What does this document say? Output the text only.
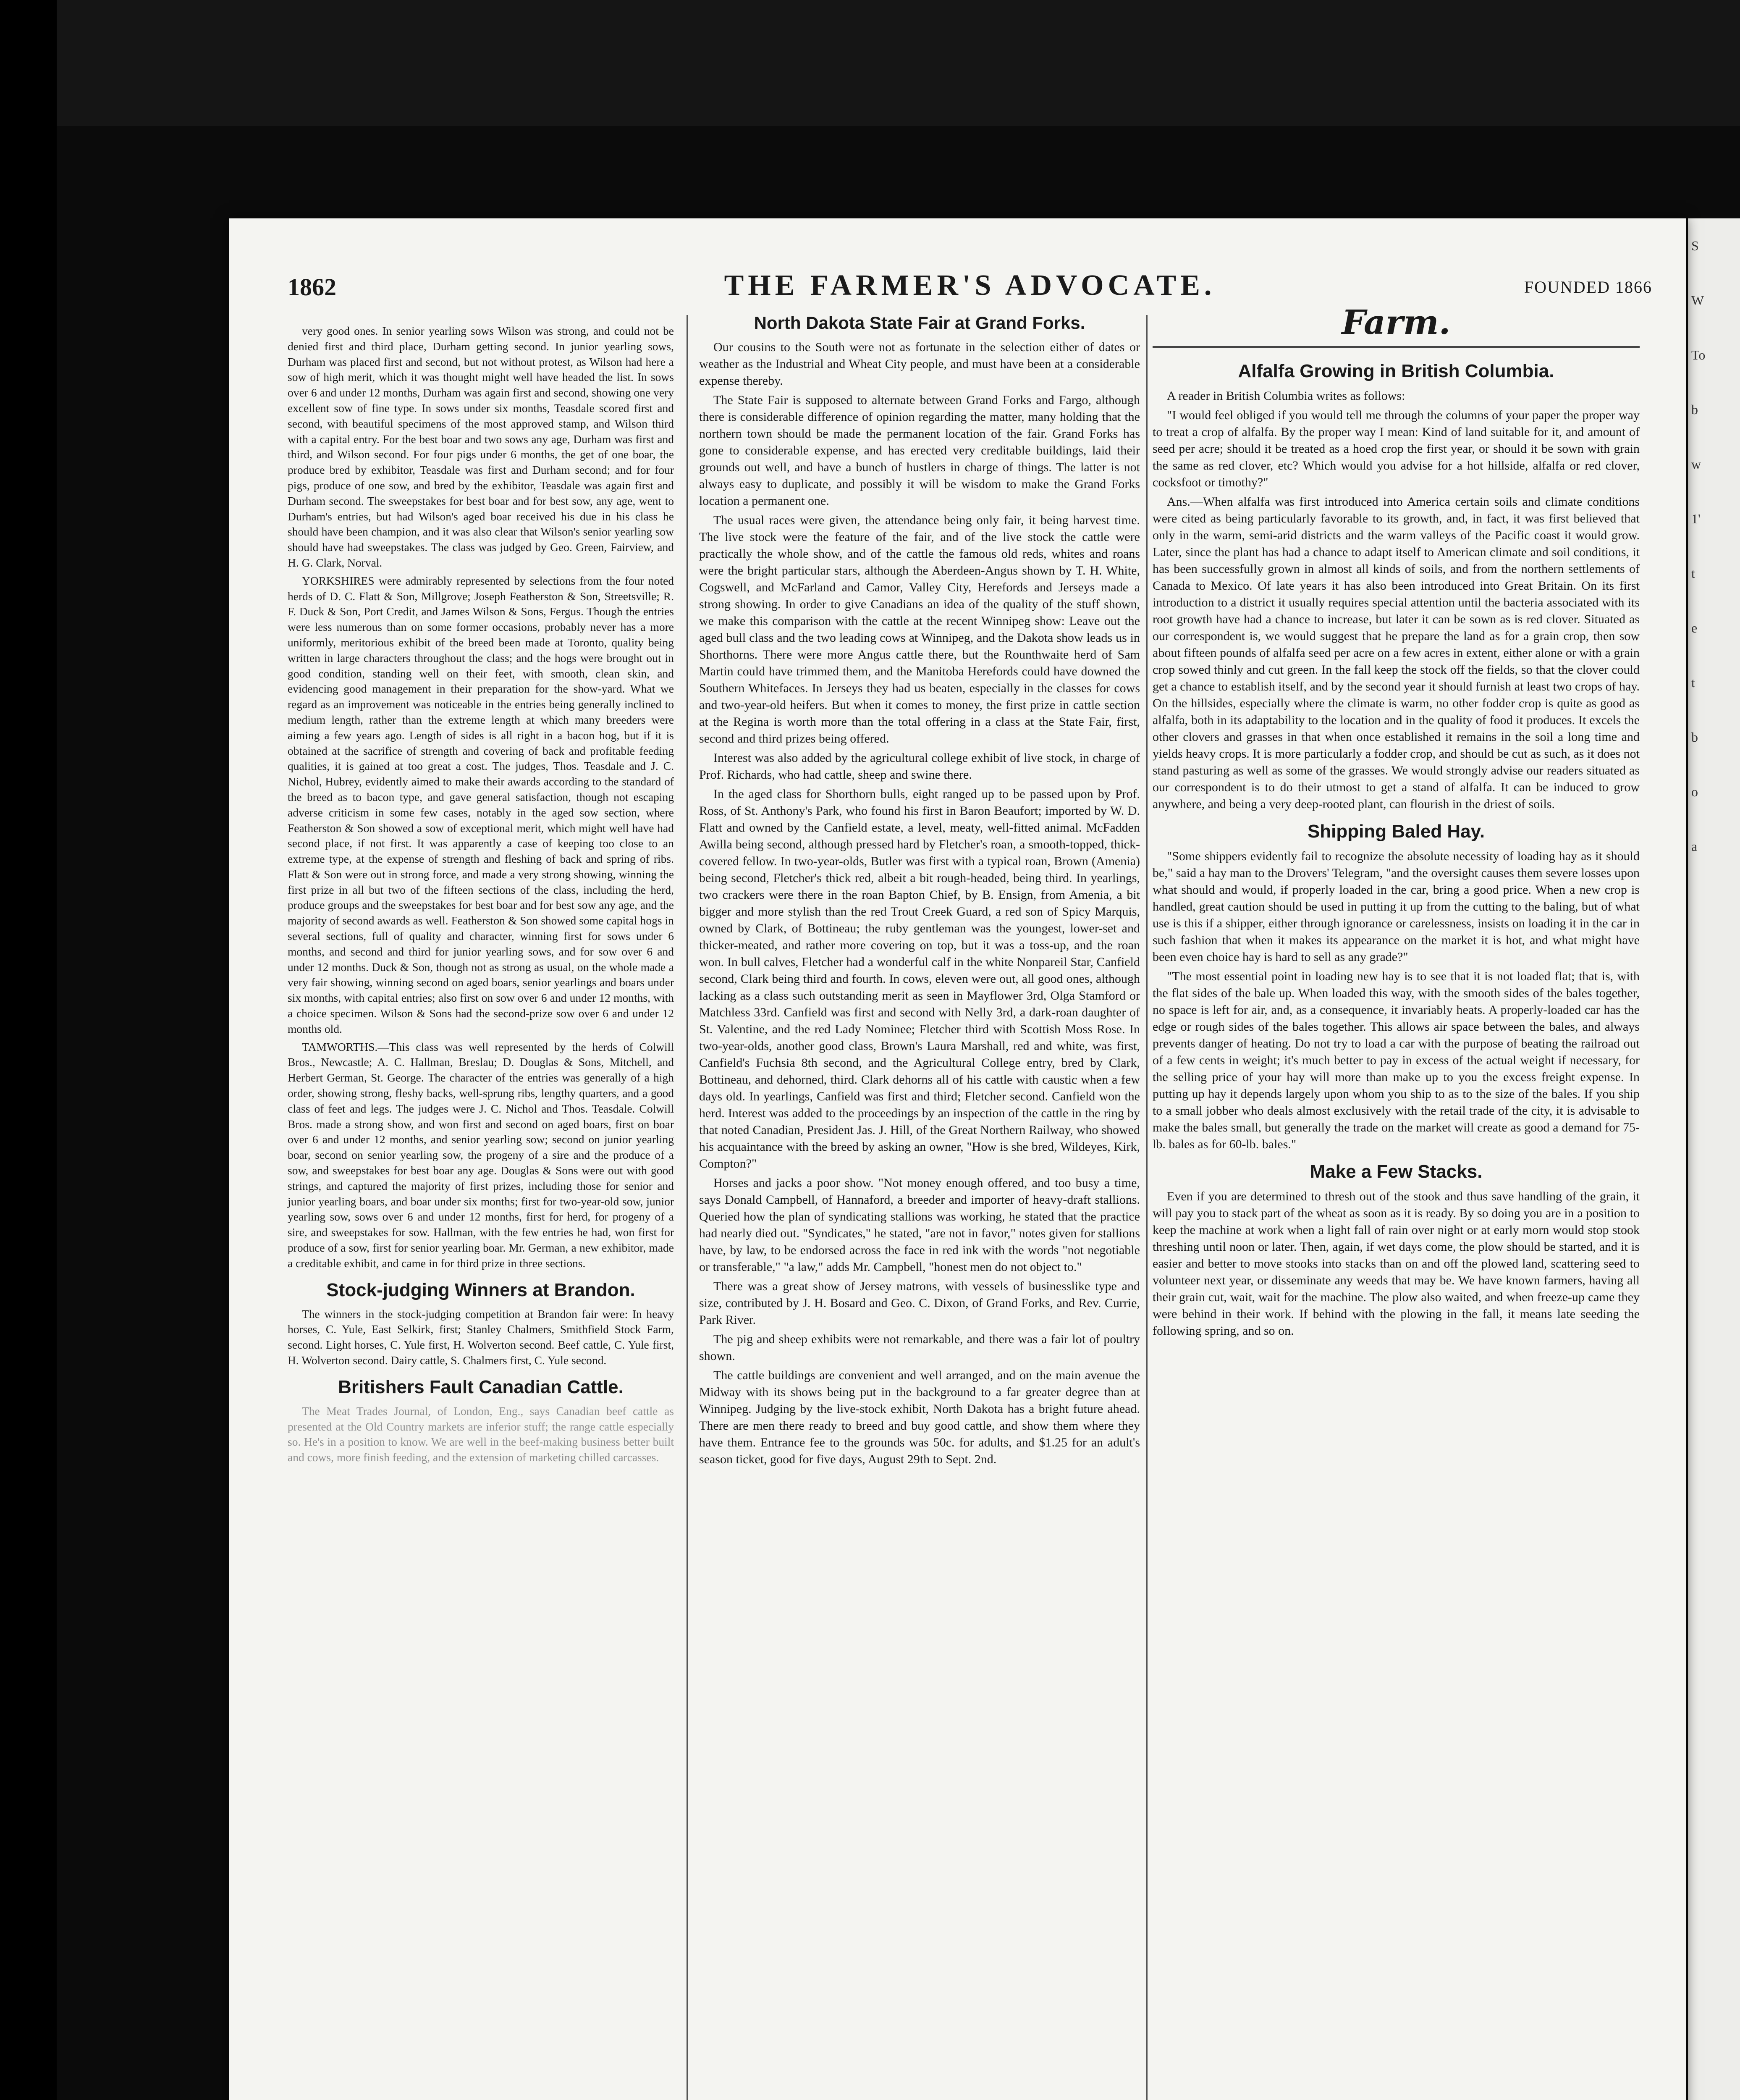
S
W
To
b
w
1'
t
e
t
b
o
a
1862	THE FARMER'S ADVOCATE.	FOUNDED 1866

very good ones. In senior yearling sows Wilson was strong, and could not be denied first and third place, Durham getting second. In junior yearling sows, Durham was placed first and second, but not without protest, as Wilson had here a sow of high merit, which it was thought might well have headed the list. In sows over 6 and under 12 months, Durham was again first and second, showing one very excellent sow of fine type. In sows under six months, Teasdale scored first and second, with beautiful specimens of the most approved stamp, and Wilson third with a capital entry. For the best boar and two sows any age, Durham was first and third, and Wilson second. For four pigs under 6 months, the get of one boar, the produce bred by exhibitor, Teasdale was first and Durham second; and for four pigs, produce of one sow, and bred by the exhibitor, Teasdale was again first and Durham second. The sweepstakes for best boar and for best sow, any age, went to Durham's entries, but had Wilson's aged boar received his due in his class he should have been champion, and it was also clear that Wilson's senior yearling sow should have had sweepstakes. The class was judged by Geo. Green, Fairview, and H. G. Clark, Norval.

YORKSHIRES were admirably represented by selections from the four noted herds of D. C. Flatt & Son, Millgrove; Joseph Featherston & Son, Streetsville; R. F. Duck & Son, Port Credit, and James Wilson & Sons, Fergus. Though the entries were less numerous than on some former occasions, probably never has a more uniformly, meritorious exhibit of the breed been made at Toronto, quality being written in large characters throughout the class; and the hogs were brought out in good condition, standing well on their feet, with smooth, clean skin, and evidencing good management in their preparation for the show-yard. What we regard as an improvement was noticeable in the entries being generally inclined to medium length, rather than the extreme length at which many breeders were aiming a few years ago. Length of sides is all right in a bacon hog, but if it is obtained at the sacrifice of strength and covering of back and profitable feeding qualities, it is gained at too great a cost. The judges, Thos. Teasdale and J. C. Nichol, Hubrey, evidently aimed to make their awards according to the standard of the breed as to bacon type, and gave general satisfaction, though not escaping adverse criticism in some few cases, notably in the aged sow section, where Featherston & Son showed a sow of exceptional merit, which might well have had second place, if not first. It was apparently a case of keeping too close to an extreme type, at the expense of strength and fleshing of back and spring of ribs. Flatt & Son were out in strong force, and made a very strong showing, winning the first prize in all but two of the fifteen sections of the class, including the herd, produce groups and the sweepstakes for best boar and for best sow any age, and the majority of second awards as well. Featherston & Son showed some capital hogs in several sections, full of quality and character, winning first for sows under 6 months, and second and third for junior yearling sows, and for sow over 6 and under 12 months. Duck & Son, though not as strong as usual, on the whole made a very fair showing, winning second on aged boars, senior yearlings and boars under six months, with capital entries; also first on sow over 6 and under 12 months, with a choice specimen. Wilson & Sons had the second-prize sow over 6 and under 12 months old.

TAMWORTHS.—This class was well represented by the herds of Colwill Bros., Newcastle; A. C. Hallman, Breslau; D. Douglas & Sons, Mitchell, and Herbert German, St. George. The character of the entries was generally of a high order, showing strong, fleshy backs, well-sprung ribs, lengthy quarters, and a good class of feet and legs. The judges were J. C. Nichol and Thos. Teasdale. Colwill Bros. made a strong show, and won first and second on aged boars, first on boar over 6 and under 12 months, and senior yearling sow; second on junior yearling boar, second on senior yearling sow, the progeny of a sire and the produce of a sow, and sweepstakes for best boar any age. Douglas & Sons were out with good strings, and captured the majority of first prizes, including those for senior and junior yearling boars, and boar under six months; first for two-year-old sow, junior yearling sow, sows over 6 and under 12 months, first for herd, for progeny of a sire, and sweepstakes for sow. Hallman, with the few entries he had, won first for produce of a sow, first for senior yearling boar. Mr. German, a new exhibitor, made a creditable exhibit, and came in for third prize in three sections.

Stock-judging Winners at Brandon.

The winners in the stock-judging competition at Brandon fair were: In heavy horses, C. Yule, East Selkirk, first; Stanley Chalmers, Smithfield Stock Farm, second. Light horses, C. Yule first, H. Wolverton second. Beef cattle, C. Yule first, H. Wolverton second. Dairy cattle, S. Chalmers first, C. Yule second.

Britishers Fault Canadian Cattle.

The Meat Trades Journal, of London, Eng., says Canadian beef cattle as presented at the Old Country markets are inferior stuff; the range cattle especially so. He's in a position to know. We are well in the beef-making business better built and cows, more finish feeding, and the extension of marketing chilled carcasses.

North Dakota State Fair at Grand Forks.

Our cousins to the South were not as fortunate in the selection either of dates or weather as the Industrial and Wheat City people, and must have been at a considerable expense thereby.

The State Fair is supposed to alternate between Grand Forks and Fargo, although there is considerable difference of opinion regarding the matter, many holding that the northern town should be made the permanent location of the fair. Grand Forks has gone to considerable expense, and has erected very creditable buildings, laid their grounds out well, and have a bunch of hustlers in charge of things. The latter is not always easy to duplicate, and possibly it will be wisdom to make the Grand Forks location a permanent one.

The usual races were given, the attendance being only fair, it being harvest time. The live stock were the feature of the fair, and of the live stock the cattle were practically the whole show, and of the cattle the famous old reds, whites and roans were the bright particular stars, although the Aberdeen-Angus shown by T. H. White, Cogswell, and McFarland and Camor, Valley City, Herefords and Jerseys made a strong showing. In order to give Canadians an idea of the quality of the stuff shown, we make this comparison with the cattle at the recent Winnipeg show: Leave out the aged bull class and the two leading cows at Winnipeg, and the Dakota show leads us in Shorthorns. There were more Angus cattle there, but the Rounthwaite herd of Sam Martin could have trimmed them, and the Manitoba Herefords could have downed the Southern Whitefaces. In Jerseys they had us beaten, especially in the classes for cows and two-year-old heifers. But when it comes to money, the first prize in cattle section at the Regina is worth more than the total offering in a class at the State Fair, first, second and third prizes being offered.

Interest was also added by the agricultural college exhibit of live stock, in charge of Prof. Richards, who had cattle, sheep and swine there.

In the aged class for Shorthorn bulls, eight ranged up to be passed upon by Prof. Ross, of St. Anthony's Park, who found his first in Baron Beaufort; imported by W. D. Flatt and owned by the Canfield estate, a level, meaty, well-fitted animal. McFadden Awilla being second, although pressed hard by Fletcher's roan, a smooth-topped, thick-covered fellow. In two-year-olds, Butler was first with a typical roan, Brown (Amenia) being second, Fletcher's thick red, albeit a bit rough-headed, being third. In yearlings, two crackers were there in the roan Bapton Chief, by B. Ensign, from Amenia, a bit bigger and more stylish than the red Trout Creek Guard, a red son of Spicy Marquis, owned by Clark, of Bottineau; the ruby gentleman was the youngest, lower-set and thicker-meated, and rather more covering on top, but it was a toss-up, and the roan won. In bull calves, Fletcher had a wonderful calf in the white Nonpareil Star, Canfield second, Clark being third and fourth. In cows, eleven were out, all good ones, although lacking as a class such outstanding merit as seen in Mayflower 3rd, Olga Stamford or Matchless 33rd. Canfield was first and second with Nelly 3rd, a dark-roan daughter of St. Valentine, and the red Lady Nominee; Fletcher third with Scottish Moss Rose. In two-year-olds, another good class, Brown's Laura Marshall, red and white, was first, Canfield's Fuchsia 8th second, and the Agricultural College entry, bred by Clark, Bottineau, and dehorned, third. Clark dehorns all of his cattle with caustic when a few days old. In yearlings, Canfield was first and third; Fletcher second. Canfield won the herd. Interest was added to the proceedings by an inspection of the cattle in the ring by that noted Canadian, President Jas. J. Hill, of the Great Northern Railway, who showed his acquaintance with the breed by asking an owner, "How is she bred, Wildeyes, Kirk, Compton?"

Horses and jacks a poor show. "Not money enough offered, and too busy a time, says Donald Campbell, of Hannaford, a breeder and importer of heavy-draft stallions. Queried how the plan of syndicating stallions was working, he stated that the practice had nearly died out. "Syndicates," he stated, "are not in favor," notes given for stallions have, by law, to be endorsed across the face in red ink with the words "not negotiable or transferable," "a law," adds Mr. Campbell, "honest men do not object to."

There was a great show of Jersey matrons, with vessels of businesslike type and size, contributed by J. H. Bosard and Geo. C. Dixon, of Grand Forks, and Rev. Currie, Park River.

The pig and sheep exhibits were not remarkable, and there was a fair lot of poultry shown.

The cattle buildings are convenient and well arranged, and on the main avenue the Midway with its shows being put in the background to a far greater degree than at Winnipeg. Judging by the live-stock exhibit, North Dakota has a bright future ahead. There are men there ready to breed and buy good cattle, and show them where they have them. Entrance fee to the grounds was 50c. for adults, and $1.25 for an adult's season ticket, good for five days, August 29th to Sept. 2nd.

Farm.
Alfalfa Growing in British Columbia.

A reader in British Columbia writes as follows:

"I would feel obliged if you would tell me through the columns of your paper the proper way to treat a crop of alfalfa. By the proper way I mean: Kind of land suitable for it, and amount of seed per acre; should it be treated as a hoed crop the first year, or should it be sown with grain the same as red clover, etc? Which would you advise for a hot hillside, alfalfa or red clover, cocksfoot or timothy?"

Ans.—When alfalfa was first introduced into America certain soils and climate conditions were cited as being particularly favorable to its growth, and, in fact, it was first believed that only in the warm, semi-arid districts and the warm valleys of the Pacific coast it would grow. Later, since the plant has had a chance to adapt itself to American climate and soil conditions, it has been successfully grown in almost all kinds of soils, and from the northern settlements of Canada to Mexico. Of late years it has also been introduced into Great Britain. On its first introduction to a district it usually requires special attention until the bacteria associated with its root growth have had a chance to increase, but later it can be sown as is red clover. Situated as our correspondent is, we would suggest that he prepare the land as for a grain crop, then sow about fifteen pounds of alfalfa seed per acre on a few acres in extent, either alone or with a grain crop sowed thinly and cut green. In the fall keep the stock off the fields, so that the clover could get a chance to establish itself, and by the second year it should furnish at least two crops of hay. On the hillsides, especially where the climate is warm, no other fodder crop is quite as good as alfalfa, both in its adaptability to the location and in the quality of food it produces. It excels the other clovers and grasses in that when once established it remains in the soil a long time and yields heavy crops. It is more particularly a fodder crop, and should be cut as such, as it does not stand pasturing as well as some of the grasses. We would strongly advise our readers situated as our correspondent is to do their utmost to get a stand of alfalfa. It can be induced to grow anywhere, and being a very deep-rooted plant, can flourish in the driest of soils.

Shipping Baled Hay.

"Some shippers evidently fail to recognize the absolute necessity of loading hay as it should be," said a hay man to the Drovers' Telegram, "and the oversight causes them severe losses upon what should and would, if properly loaded in the car, bring a good price. When a new crop is handled, great caution should be used in putting it up from the cutting to the baling, but of what use is this if a shipper, either through ignorance or carelessness, insists on loading it in the car in such fashion that when it makes its appearance on the market it is hot, and what might have been even choice hay is hard to sell as any grade?"

"The most essential point in loading new hay is to see that it is not loaded flat; that is, with the flat sides of the bale up. When loaded this way, with the smooth sides of the bales together, no space is left for air, and, as a consequence, it invariably heats. A properly-loaded car has the edge or rough sides of the bales together. This allows air space between the bales, and always prevents danger of heating. Do not try to load a car with the purpose of beating the railroad out of a few cents in weight; it's much better to pay in excess of the actual weight if necessary, for the selling price of your hay will more than make up to you the excess freight expense. In putting up hay it depends largely upon whom you ship to as to the size of the bales. If you ship to a small jobber who deals almost exclusively with the retail trade of the city, it is advisable to make the bales small, but generally the trade on the market will create as good a demand for 75-lb. bales as for 60-lb. bales."

Make a Few Stacks.

Even if you are determined to thresh out of the stook and thus save handling of the grain, it will pay you to stack part of the wheat as soon as it is ready. By so doing you are in a position to keep the machine at work when a light fall of rain over night or at early morn would stop stook threshing until noon or later. Then, again, if wet days come, the plow should be started, and it is easier and better to move stooks into stacks than on and off the plowed land, scattering seed to volunteer next year, or disseminate any weeds that may be. We have known farmers, having all their grain cut, wait, wait for the machine. The plow also waited, and when freeze-up came they were behind in their work. If behind with the plowing in the fall, it means late seeding the following spring, and so on.
